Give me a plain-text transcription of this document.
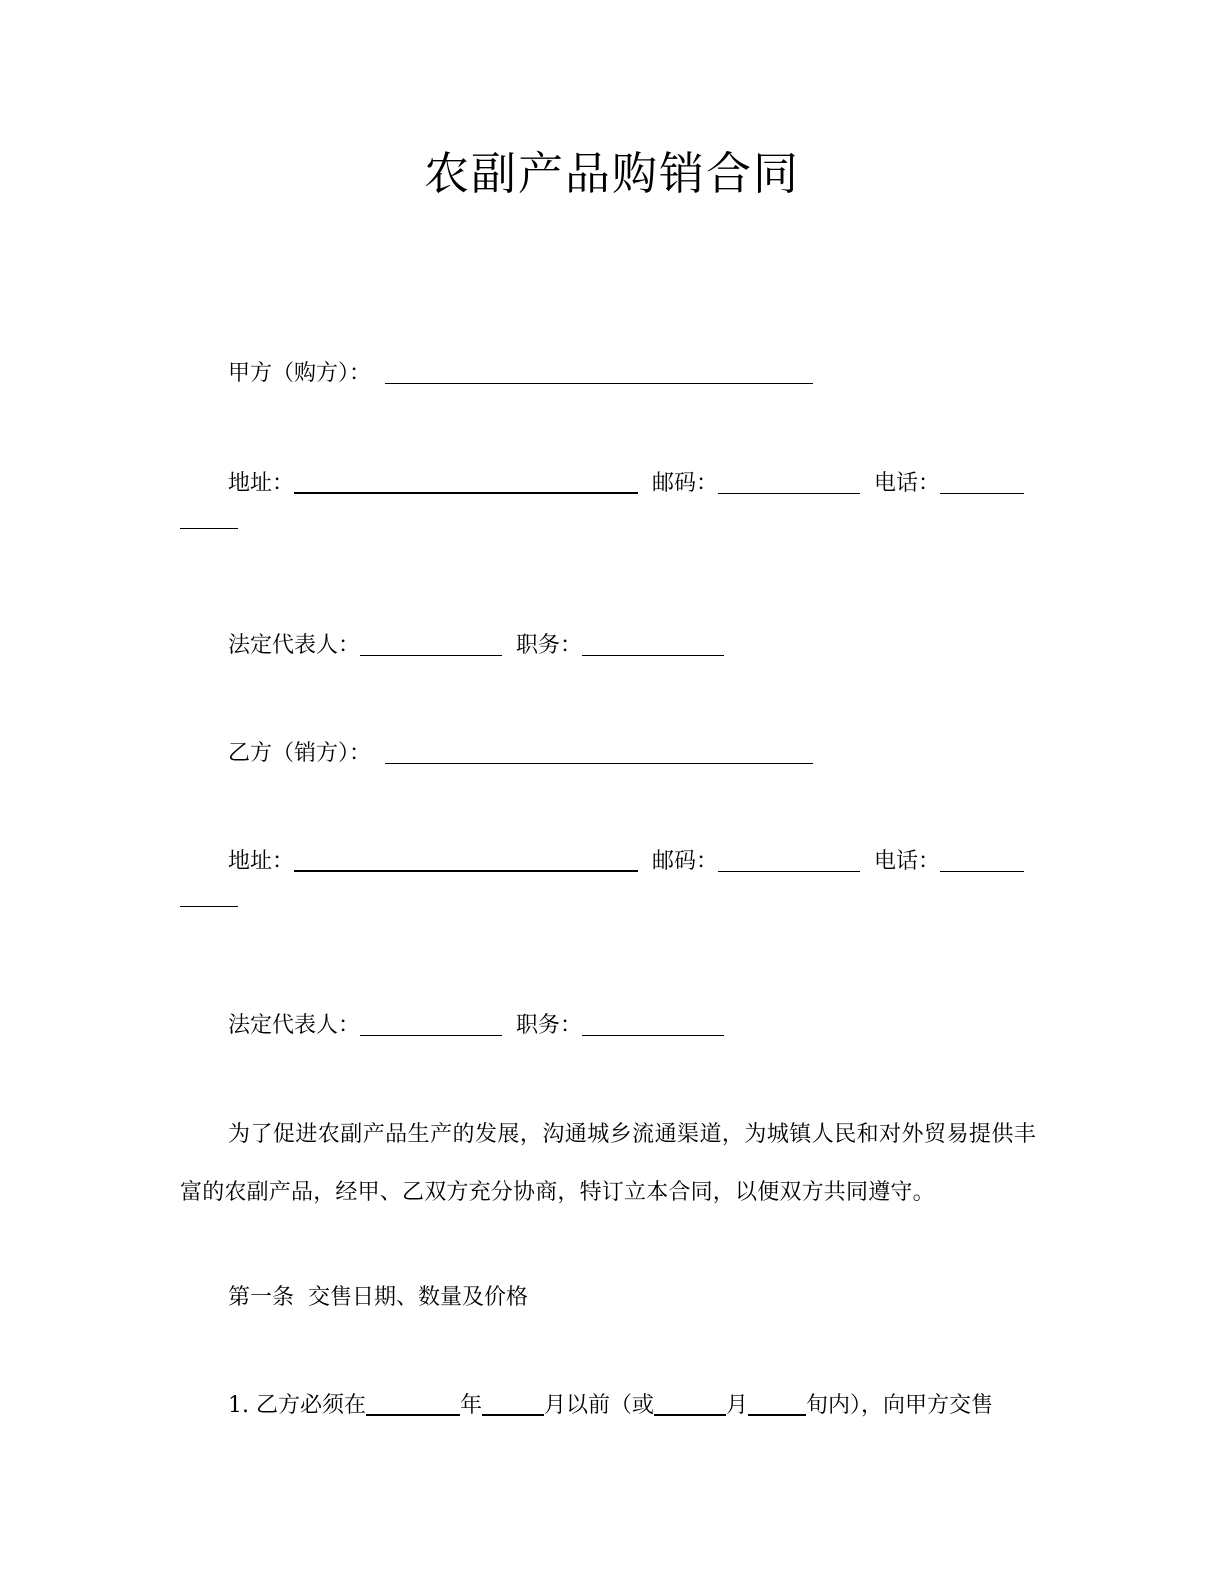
农副产品购销合同
甲方（购方）：
地址：	邮码：	电话：
法定代表人：	职务：
乙方（销方）：
地址：	邮码：	电话：
法定代表人：	职务：
为了促进农副产品生产的发展，沟通城乡流通渠道，为城镇人民和对外贸易提供丰富的农副产品，经甲、乙双方充分协商，特订立本合同，以便双方共同遵守。
第一条  交售日期、数量及价格
1. 乙方必须在	年	月以前（或	月	旬内），向甲方交售
